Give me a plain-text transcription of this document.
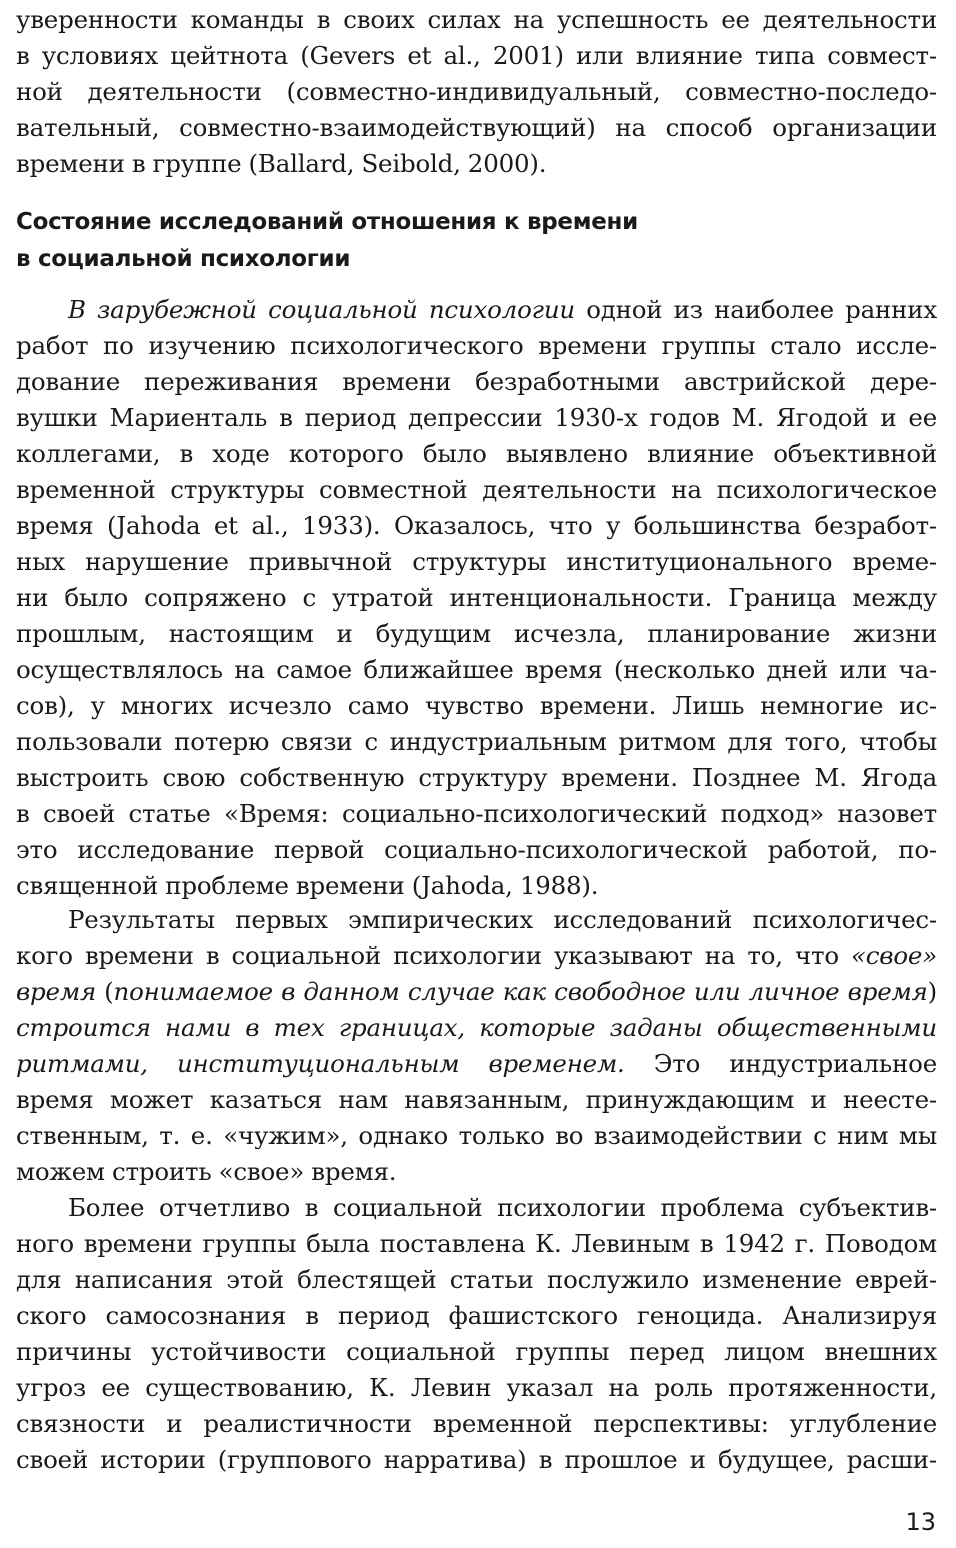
уверенности команды в своих силах на успешность ее деятельности
в условиях цейтнота (Gevers et al., 2001) или влияние типа совмест-
ной деятельности (совместно-индивидуальный, совместно-последо-
вательный, совместно-взаимодействующий) на способ организации
времени в группе (Ballard, Seibold, 2000).
Состояние исследований отношения к времени
в социальной психологии
В зарубежной социальной психологии одной из наиболее ранних
работ по изучению психологического времени группы стало иссле-
дование переживания времени безработными австрийской дере-
вушки Мариенталь в период депрессии 1930-х годов М. Ягодой и ее
коллегами, в ходе которого было выявлено влияние объективной
временной структуры совместной деятельности на психологическое
время (Jahoda et al., 1933). Оказалось, что у большинства безработ-
ных нарушение привычной структуры институционального време-
ни было сопряжено с утратой интенциональности. Граница между
прошлым, настоящим и будущим исчезла, планирование жизни
осуществлялось на самое ближайшее время (несколько дней или ча-
сов), у многих исчезло само чувство времени. Лишь немногие ис-
пользовали потерю связи с индустриальным ритмом для того, чтобы
выстроить свою собственную структуру времени. Позднее М. Ягода
в своей статье «Время: социально-психологический подход» назовет
это исследование первой социально-психологической работой, по-
священной проблеме времени (Jahoda, 1988).
Результаты первых эмпирических исследований психологичес-
кого времени в социальной психологии указывают на то, что «свое»
время (понимаемое в данном случае как свободное или личное время)
строится нами в тех границах, которые заданы общественными
ритмами, институциональным временем. Это индустриальное
время может казаться нам навязанным, принуждающим и неесте-
ственным, т. е. «чужим», однако только во взаимодействии с ним мы
можем строить «свое» время.
Более отчетливо в социальной психологии проблема субъектив-
ного времени группы была поставлена К. Левиным в 1942 г. Поводом
для написания этой блестящей статьи послужило изменение еврей-
ского самосознания в период фашистского геноцида. Анализируя
причины устойчивости социальной группы перед лицом внешних
угроз ее существованию, К. Левин указал на роль протяженности,
связности и реалистичности временной перспективы: углубление
своей истории (группового нарратива) в прошлое и будущее, расши-
13
